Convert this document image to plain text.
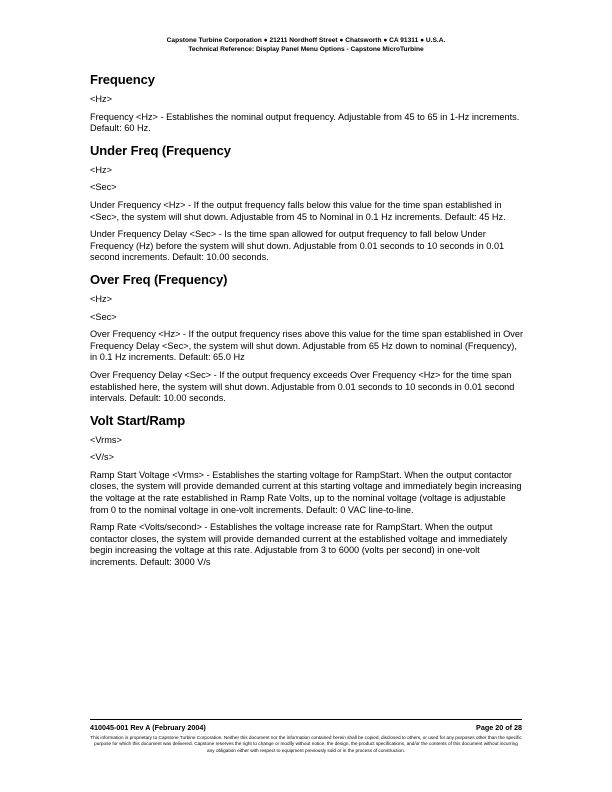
Capstone Turbine Corporation ● 21211 Nordhoff Street ● Chatsworth ● CA 91311 ● U.S.A.
Technical Reference: Display Panel Menu Options - Capstone MicroTurbine
Frequency

<Hz>

Frequency <Hz> - Establishes the nominal output frequency. Adjustable from 45 to 65 in 1-Hz increments. Default: 60 Hz.

Under Freq (Frequency

<Hz>

<Sec>

Under Frequency <Hz> - If the output frequency falls below this value for the time span established in <Sec>, the system will shut down. Adjustable from 45 to Nominal in 0.1 Hz increments. Default: 45 Hz.

Under Frequency Delay <Sec> - Is the time span allowed for output frequency to fall below Under Frequency (Hz) before the system will shut down. Adjustable from 0.01 seconds to 10 seconds in 0.01 second increments. Default: 10.00 seconds.

Over Freq (Frequency)

<Hz>

<Sec>

Over Frequency <Hz> - If the output frequency rises above this value for the time span established in Over Frequency Delay <Sec>, the system will shut down. Adjustable from 65 Hz down to nominal (Frequency), in 0.1 Hz increments. Default: 65.0 Hz

Over Frequency Delay <Sec> - If the output frequency exceeds Over Frequency <Hz> for the time span established here, the system will shut down. Adjustable from 0.01 seconds to 10 seconds in 0.01 second intervals. Default: 10.00 seconds.

Volt Start/Ramp

<Vrms>

<V/s>

Ramp Start Voltage <Vrms> - Establishes the starting voltage for RampStart. When the output contactor closes, the system will provide demanded current at this starting voltage and immediately begin increasing the voltage at the rate established in Ramp Rate Volts, up to the nominal voltage (voltage is adjustable from 0 to the nominal voltage in one-volt increments. Default: 0 VAC line-to-line.

Ramp Rate <Volts/second> - Establishes the voltage increase rate for RampStart. When the output contactor closes, the system will provide demanded current at the established voltage and immediately begin increasing the voltage at this rate. Adjustable from 3 to 6000 (volts per second) in one-volt increments. Default: 3000 V/s

410045-001 Rev A (February 2004)	Page 20 of 28
This information is proprietary to Capstone Turbine Corporation. Neither this document nor the information contained herein shall be copied, disclosed to others, or used for any purposes other than the specific purpose for which this document was delivered. Capstone reserves the right to change or modify without notice, the design, the product specifications, and/or the contents of this document without incurring any obligation either with respect to equipment previously sold or in the process of construction.
